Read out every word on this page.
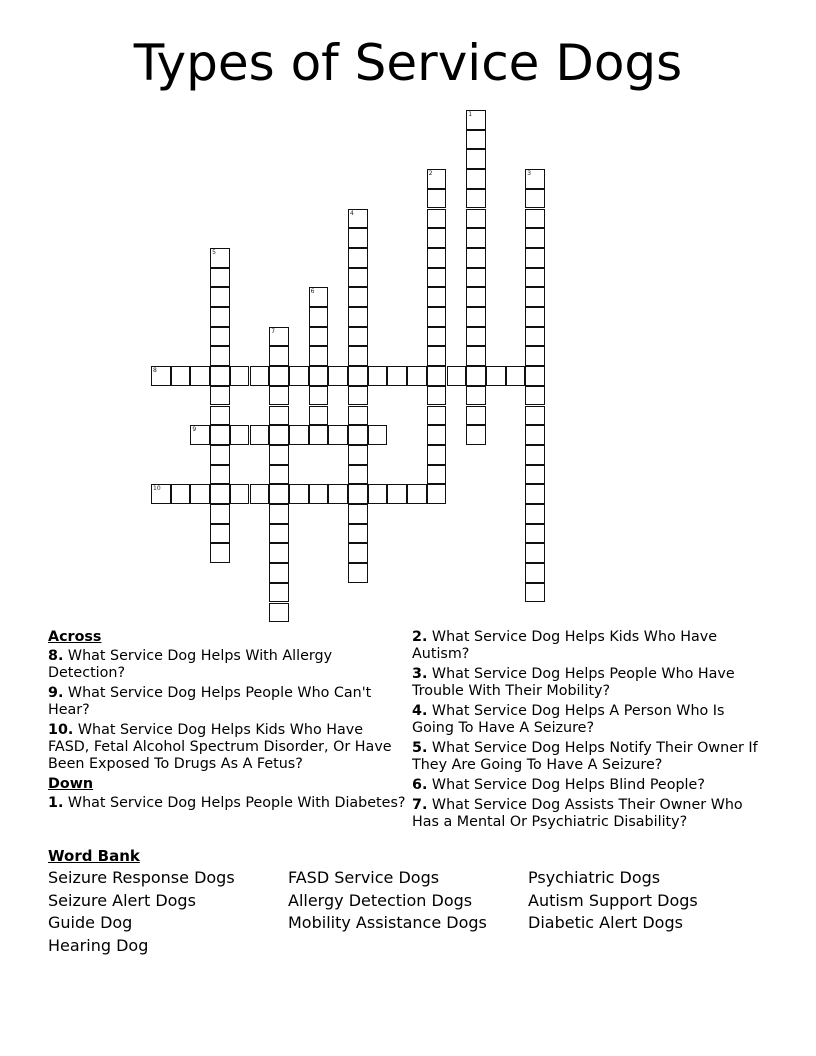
Types of Service Dogs
1
2	3
4
5
6
7
8
9
10
Across
8. What Service Dog Helps With Allergy Detection?
9. What Service Dog Helps People Who Can't Hear?
10. What Service Dog Helps Kids Who Have FASD, Fetal Alcohol Spectrum Disorder, Or Have Been Exposed To Drugs As A Fetus?
Down
1. What Service Dog Helps People With Diabetes?
2. What Service Dog Helps Kids Who Have Autism?
3. What Service Dog Helps People Who Have Trouble With Their Mobility?
4. What Service Dog Helps A Person Who Is Going To Have A Seizure?
5. What Service Dog Helps Notify Their Owner If They Are Going To Have A Seizure?
6. What Service Dog Helps Blind People?
7. What Service Dog Assists Their Owner Who Has a Mental Or Psychiatric Disability?
Word Bank
Seizure Response Dogs
Seizure Alert Dogs
Guide Dog
Hearing Dog
FASD Service Dogs
Allergy Detection Dogs
Mobility Assistance Dogs
Psychiatric Dogs
Autism Support Dogs
Diabetic Alert Dogs
